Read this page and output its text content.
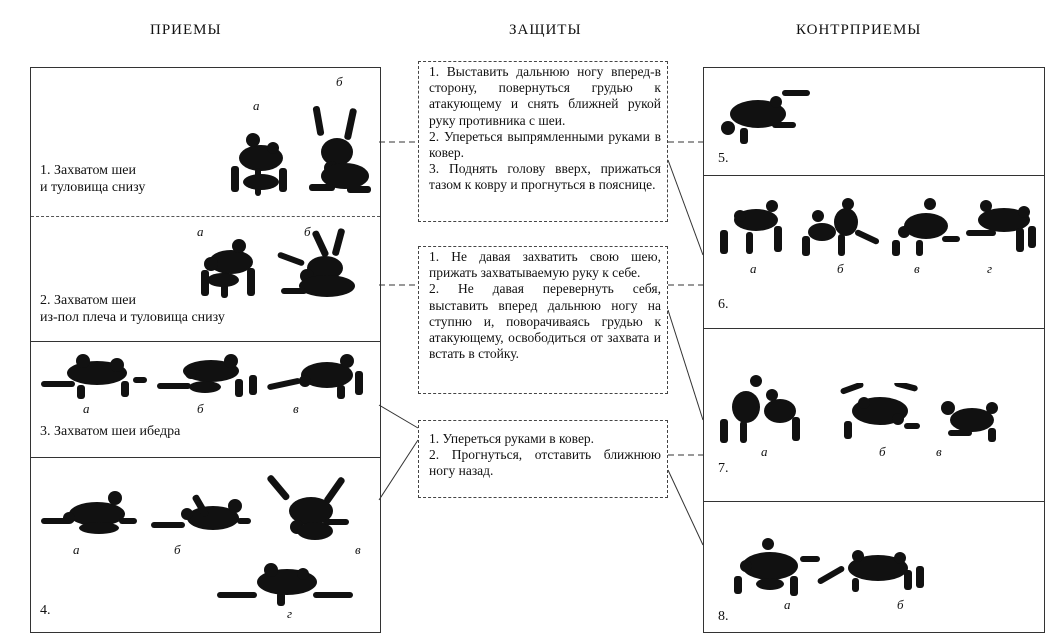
ПРИЕМЫ	ЗАЩИТЫ	КОНТРПРИЕМЫ
1. Захватом шеи
и туловища снизу
а
б
2. Захватом шеи
из-пол плеча и туловища снизу
а	б
3. Захватом шеи ибедра
а	б	в
4.
а	б	в
г

1. Выставить дальнюю ногу вперед-в сторону, повернуться грудью к атакующему и снять ближней рукой руку противника с шеи.

2. Упереться выпрямленными руками в ковер.

3. Поднять голову вверх, прижаться тазом к ковру и прогнуться в пояснице.

1. Не давая захватить свою шею, прижать захватываемую руку к себе.

2. Не давая перевернуть себя, выставить вперед дальнюю ногу на ступню и, поворачиваясь грудью к атакующему, освободиться от захвата и встать в стойку.

1. Упереться руками в ковер.

2. Прогнуться, отставить ближнюю ногу назад.

5.
6.
а	б	в	г
7.
а	б	в
8.
а	б
